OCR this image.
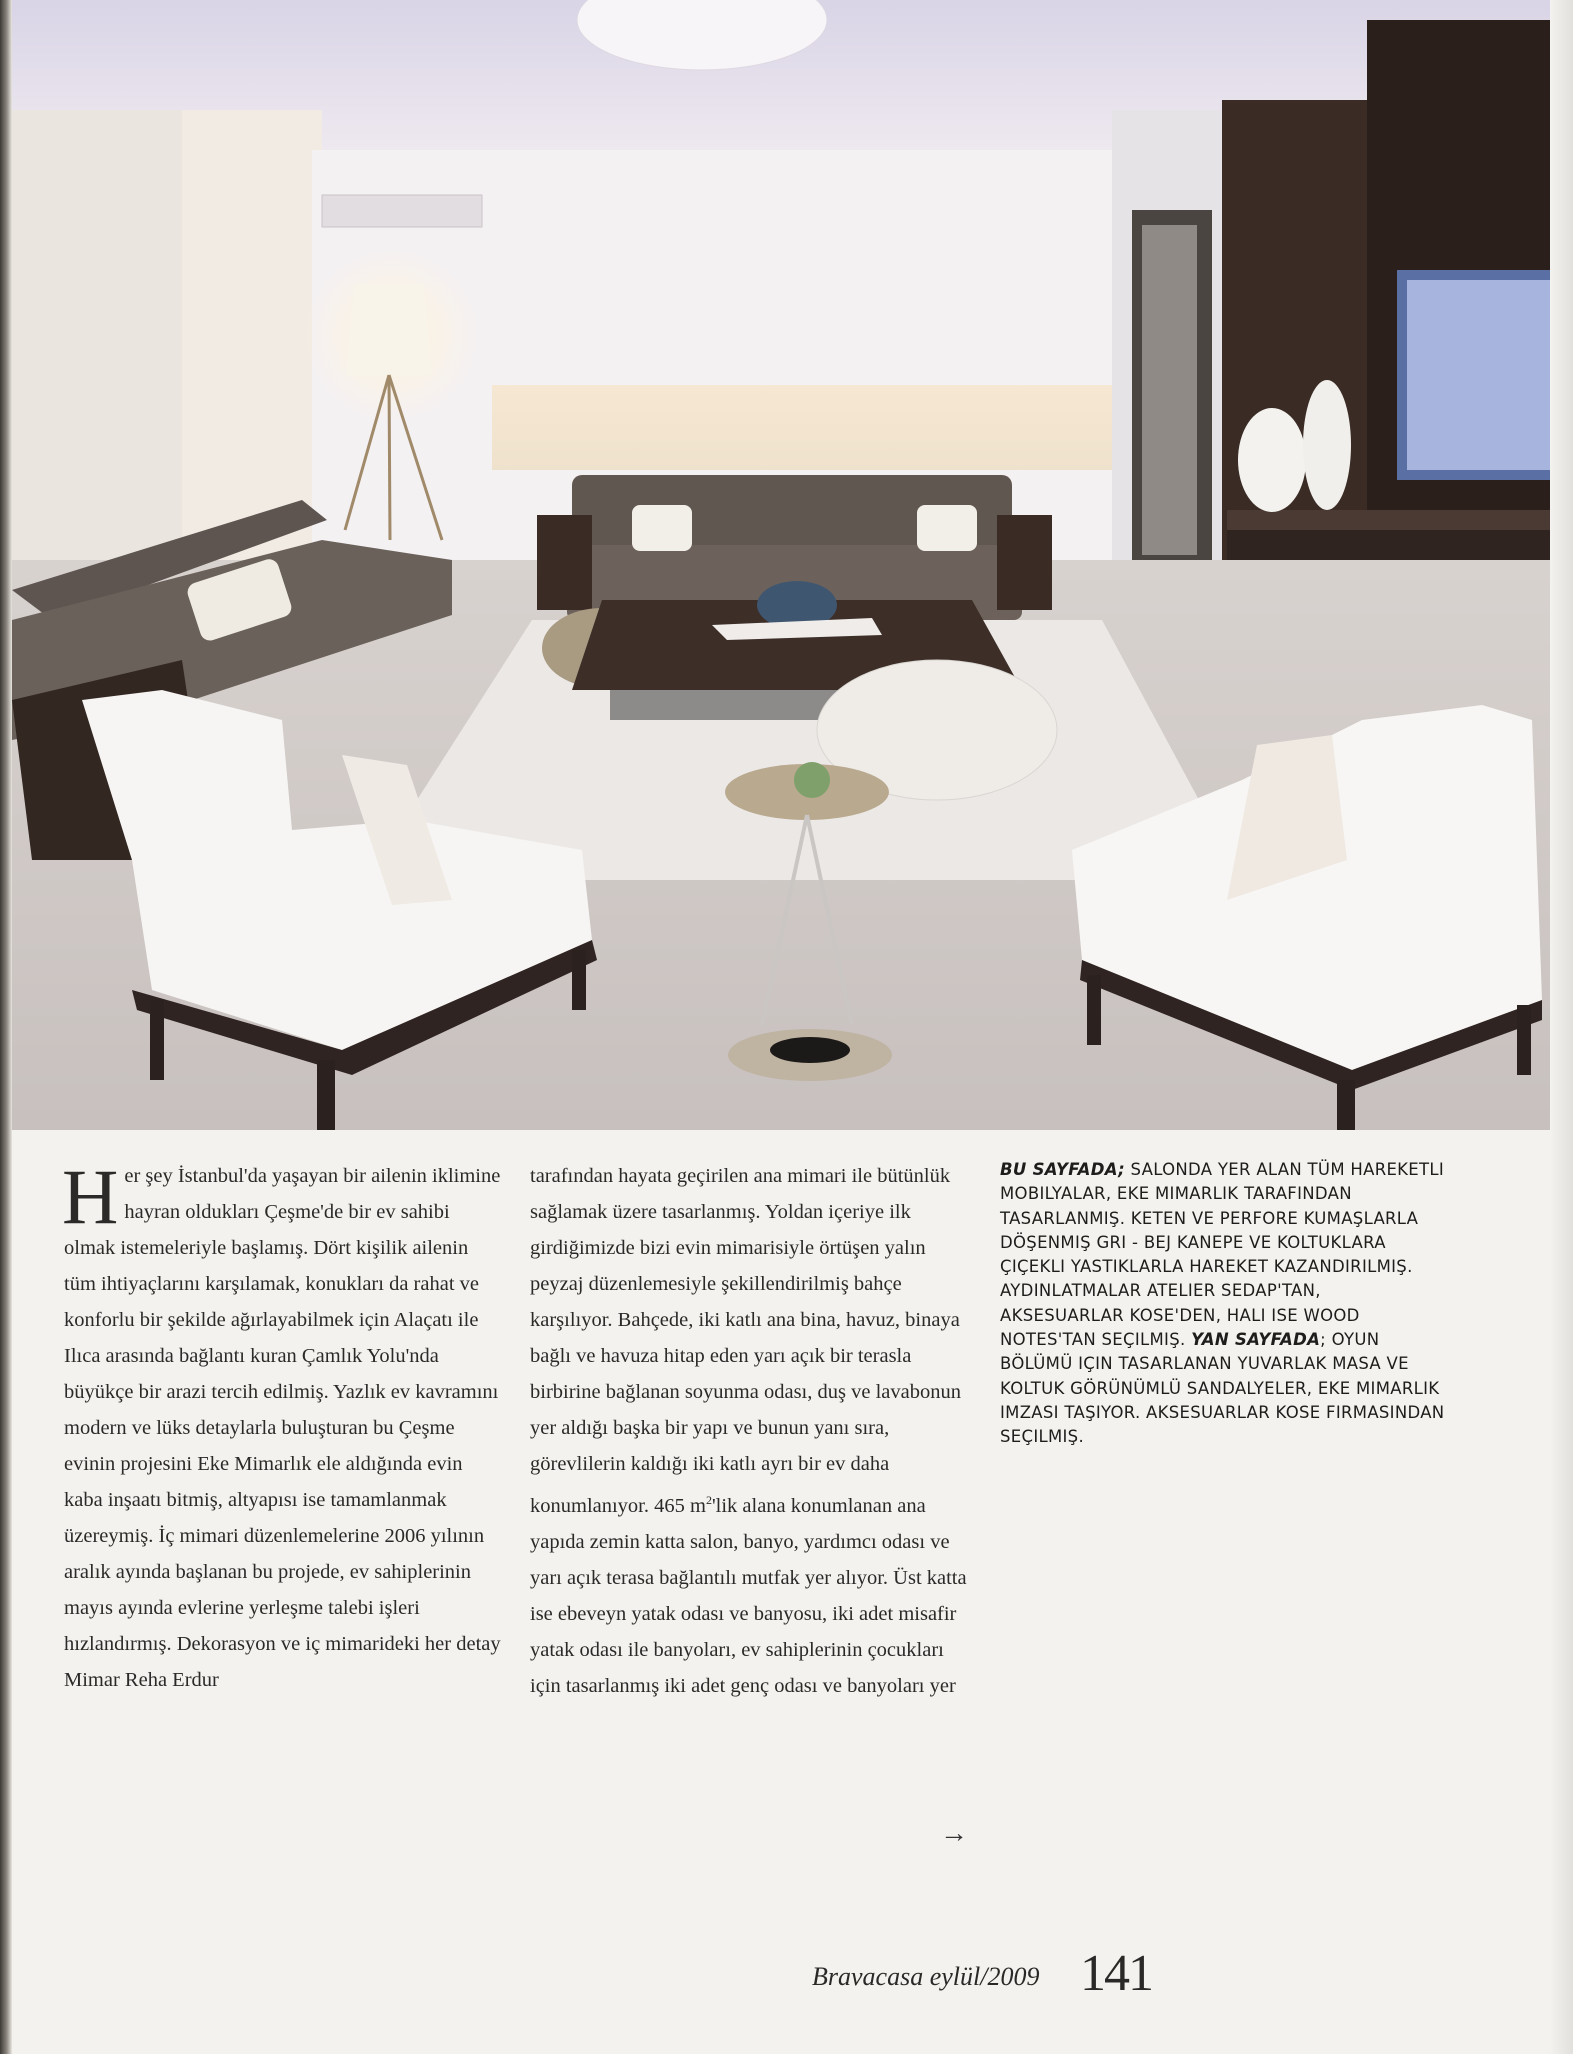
Her şey İstanbul'da yaşayan bir ailenin iklimine hayran oldukları Çeşme'de bir ev sahibi olmak istemeleriyle başlamış. Dört kişilik ailenin tüm ihtiyaçlarını karşılamak, konukları da rahat ve konforlu bir şekilde ağırlayabilmek için Alaçatı ile Ilıca arasında bağlantı kuran Çamlık Yolu'nda büyükçe bir arazi tercih edilmiş. Yazlık ev kavramını modern ve lüks detaylarla buluşturan bu Çeşme evinin projesini Eke Mimarlık ele aldığında evin kaba inşaatı bitmiş, altyapısı ise tamamlanmak üzereymiş. İç mimari düzenlemelerine 2006 yılının aralık ayında başlanan bu projede, ev sahiplerinin mayıs ayında evlerine yerleşme talebi işleri hızlandırmış. Dekorasyon ve iç mimarideki her detay Mimar Reha Erdur
tarafından hayata geçirilen ana mimari ile bütünlük sağlamak üzere tasarlanmış. Yoldan içeriye ilk girdiğimizde bizi evin mimarisiyle örtüşen yalın peyzaj düzenlemesiyle şekillendirilmiş bahçe karşılıyor. Bahçede, iki katlı ana bina, havuz, binaya bağlı ve havuza hitap eden yarı açık bir terasla birbirine bağlanan soyunma odası, duş ve lavabonun yer aldığı başka bir yapı ve bunun yanı sıra, görevlilerin kaldığı iki katlı ayrı bir ev daha konumlanıyor. 465 $m^2'lik$ alana konumlanan ana yapıda zemin katta salon, banyo, yardımcı odası ve yarı açık terasa bağlantılı mutfak yer alıyor. Üst katta ise ebeveyn yatak odası ve banyosu, iki adet misafir yatak odası ile banyoları, ev sahiplerinin çocukları için tasarlanmış iki adet genç odası ve banyoları yer
→

BU SAYFADA; SALONDA YER ALAN TÜM HAREKETLI MOBILYALAR, EKE MIMARLIK TARAFINDAN TASARLANMIŞ. KETEN VE PERFORE KUMAŞLARLA DÖŞENMIŞ GRI - BEJ KANEPE VE KOLTUKLARA ÇIÇEKLI YASTIKLARLA HAREKET KAZANDIRILMIŞ. AYDINLATMALAR ATELIER SEDAP'TAN, AKSESUARLAR KOSE'DEN, HALI ISE WOOD NOTES'TAN SEÇILMIŞ. YAN SAYFADA; OYUN BÖLÜMÜ IÇIN TASARLANAN YUVARLAK MASA VE KOLTUK GÖRÜNÜMLÜ SANDALYELER, EKE MIMARLIK IMZASI TAŞIYOR. AKSESUARLAR KOSE FIRMASINDAN SEÇILMIŞ.

Bravacasa eylül/2009 141
